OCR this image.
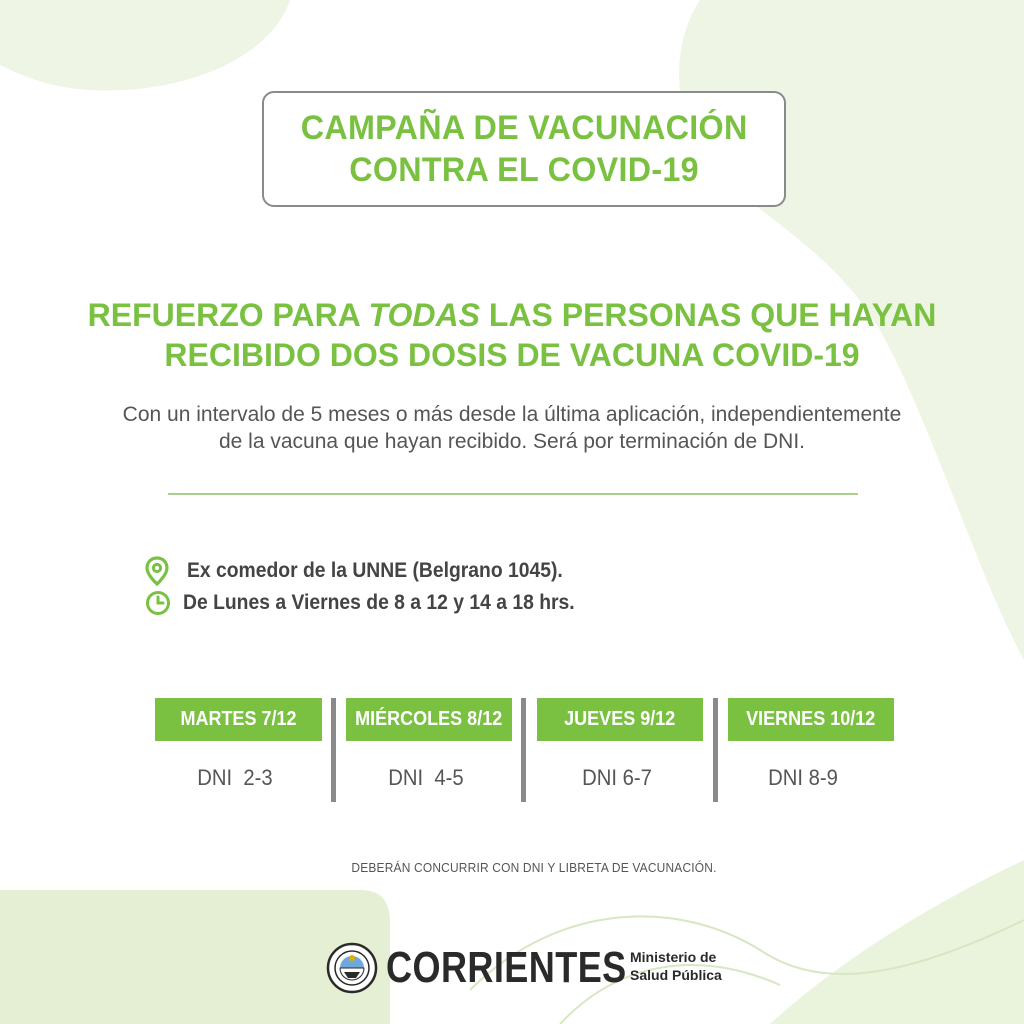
CAMPAÑA DE VACUNACIÓN
CONTRA EL COVID-19
REFUERZO PARA TODAS LAS PERSONAS QUE HAYAN
RECIBIDO DOS DOSIS DE VACUNA COVID-19
Con un intervalo de 5 meses o más desde la última aplicación, independientemente
de la vacuna que hayan recibido. Será por terminación de DNI.
Ex comedor de la UNNE (Belgrano 1045).
De Lunes a Viernes de 8 a 12 y 14 a 18 hrs.
MARTES 7/12	MIÉRCOLES 8/12	JUEVES 9/12	VIERNES 10/12
DNI  2-3	DNI  4-5	DNI 6-7	DNI 8-9
DEBERÁN CONCURRIR CON DNI Y LIBRETA DE VACUNACIÓN.
CORRIENTES Ministerio de
Salud Pública
